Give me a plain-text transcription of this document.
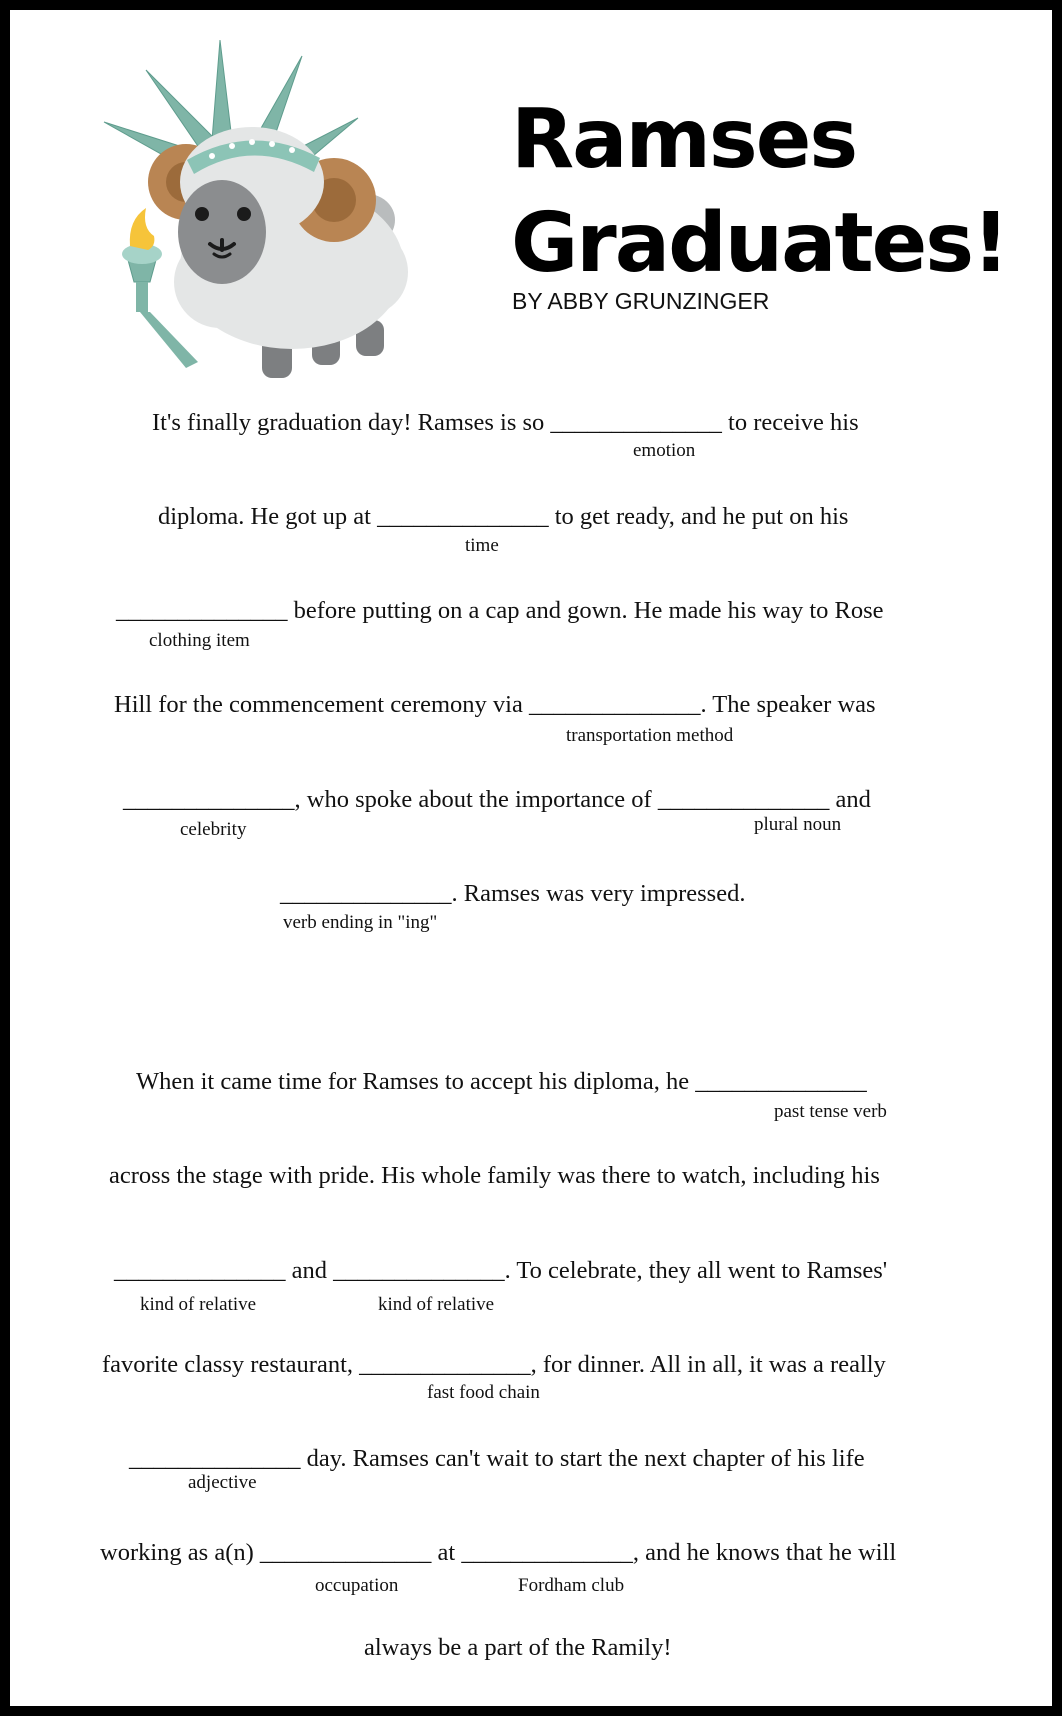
Ramses
Graduates!
BY ABBY GRUNZINGER
It's finally graduation day! Ramses is so ______________ to receive his
diploma. He got up at ______________ to get ready, and he put on his
______________ before putting on a cap and gown. He made his way to Rose
Hill for the commencement ceremony via ______________. The speaker was
______________, who spoke about the importance of ______________ and
______________. Ramses was very impressed.
When it came time for Ramses to accept his diploma, he ______________
across the stage with pride. His whole family was there to watch, including his
______________ and ______________. To celebrate, they all went to Ramses'
favorite classy restaurant, ______________, for dinner. All in all, it was a really
______________ day. Ramses can't wait to start the next chapter of his life
working as a(n) ______________ at ______________, and he knows that he will
always be a part of the Ramily!
emotion
time
clothing item
transportation method
celebrity	plural noun
verb ending in "ing"
past tense verb
kind of relative	kind of relative
fast food chain
adjective
occupation	Fordham club
